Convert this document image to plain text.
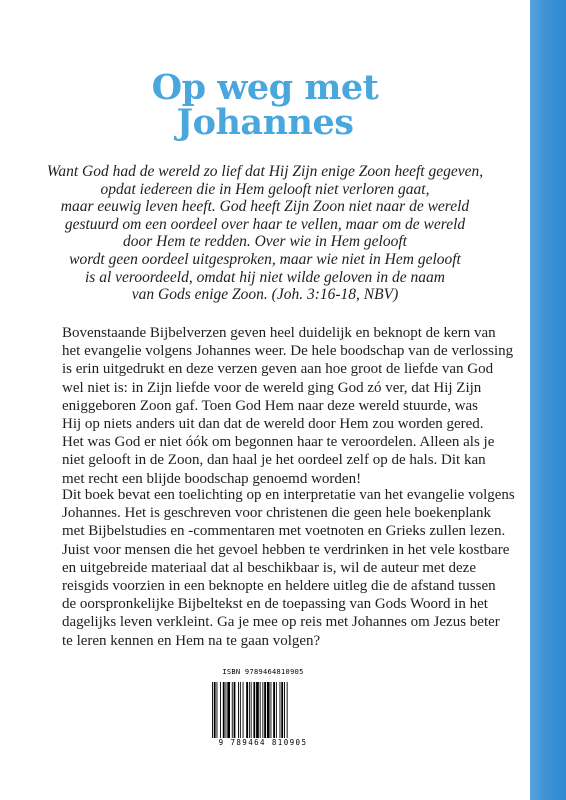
Op weg met
Johannes
Want God had de wereld zo lief dat Hij Zijn enige Zoon heeft gegeven,
opdat iedereen die in Hem gelooft niet verloren gaat,
maar eeuwig leven heeft. God heeft Zijn Zoon niet naar de wereld
gestuurd om een oordeel over haar te vellen, maar om de wereld
door Hem te redden. Over wie in Hem gelooft
wordt geen oordeel uitgesproken, maar wie niet in Hem gelooft
is al veroordeeld, omdat hij niet wilde geloven in de naam
van Gods enige Zoon. (Joh. 3:16-18, NBV)
Bovenstaande Bijbelverzen geven heel duidelijk en beknopt de kern van
het evangelie volgens Johannes weer. De hele boodschap van de verlossing
is erin uitgedrukt en deze verzen geven aan hoe groot de liefde van God
wel niet is: in Zijn liefde voor de wereld ging God zó ver, dat Hij Zijn
eniggeboren Zoon gaf. Toen God Hem naar deze wereld stuurde, was
Hij op niets anders uit dan dat de wereld door Hem zou worden gered.
Het was God er niet óók om begonnen haar te veroordelen. Alleen als je
niet gelooft in de Zoon, dan haal je het oordeel zelf op de hals. Dit kan
met recht een blijde boodschap genoemd worden!
Dit boek bevat een toelichting op en interpretatie van het evangelie volgens
Johannes. Het is geschreven voor christenen die geen hele boekenplank
met Bijbelstudies en -commentaren met voetnoten en Grieks zullen lezen.
Juist voor mensen die het gevoel hebben te verdrinken in het vele kostbare
en uitgebreide materiaal dat al beschikbaar is, wil de auteur met deze
reisgids voorzien in een beknopte en heldere uitleg die de afstand tussen
de oorspronkelijke Bijbeltekst en de toepassing van Gods Woord in het
dagelijks leven verkleint. Ga je mee op reis met Johannes om Jezus beter
te leren kennen en Hem na te gaan volgen?
ISBN 9789464810905
9 789464 810905
